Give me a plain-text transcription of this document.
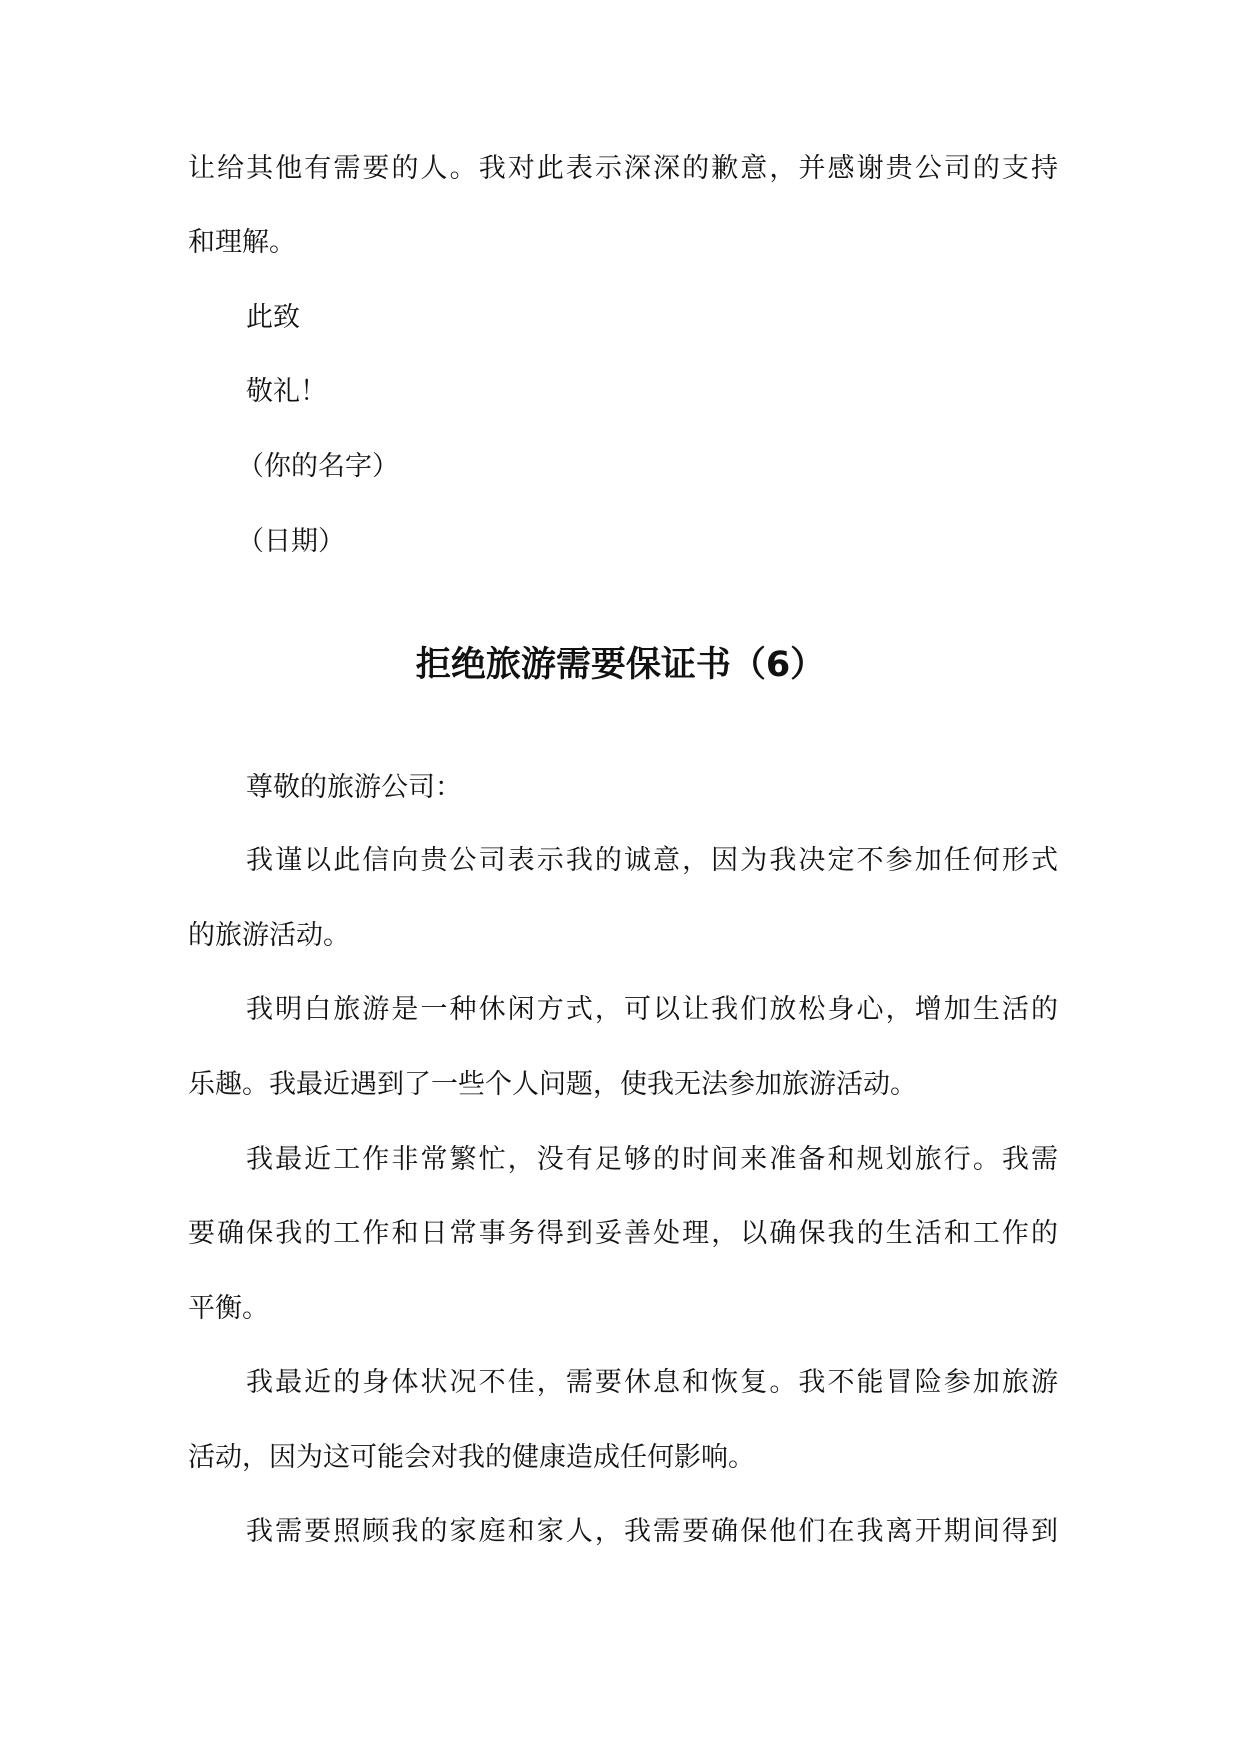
让给其他有需要的人。我对此表示深深的歉意，并感谢贵公司的支持
和理解。
此致
敬礼！
（你的名字）
（日期）
拒绝旅游需要保证书（6）
尊敬的旅游公司：
我谨以此信向贵公司表示我的诚意，因为我决定不参加任何形式
的旅游活动。
我明白旅游是一种休闲方式，可以让我们放松身心，增加生活的
乐趣。我最近遇到了一些个人问题，使我无法参加旅游活动。
我最近工作非常繁忙，没有足够的时间来准备和规划旅行。我需
要确保我的工作和日常事务得到妥善处理，以确保我的生活和工作的
平衡。
我最近的身体状况不佳，需要休息和恢复。我不能冒险参加旅游
活动，因为这可能会对我的健康造成任何影响。
我需要照顾我的家庭和家人，我需要确保他们在我离开期间得到
